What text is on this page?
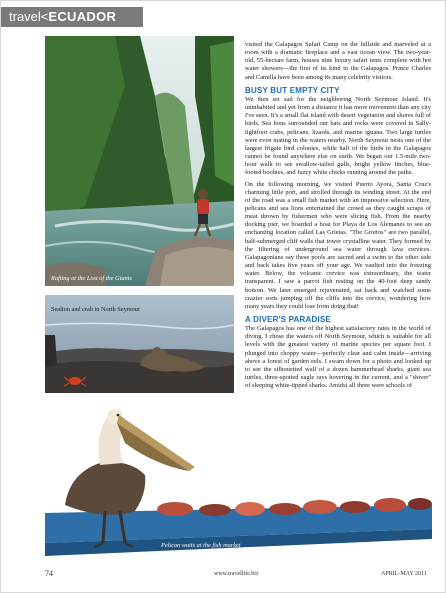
travel<ECUADOR
Rafting at the Lost of the Giants
Sealion and crab in North Seymour
Pelican waits at the fish market

visited the Galapagos Safari Camp on the hillside and marveled at a room with a dramatic fireplace and a vast ocean view. The two-year-old, 55-hectare farm, houses nine luxury safari tents complete with hot water showers—the first of its kind in the Galapagos. Prince Charles and Camilla have been among its many celebrity visitors.

BUSY BUT EMPTY CITY

We then set sail for the neighboring North Seymour Island. It's uninhabited and yet from a distance it has more movement than any city I've seen. It's a small flat island with desert vegetation and shores full of birds. Sea lions surrounded our bats and rocks were covered in Sally-lightfoot crabs, pelicans, lizards, and marine iguana. Two large turtles were even mating in the waters nearby. North Seymour nests one of the largest frigate bird colonies, while half of the birds in the Galapagos cannot be found anywhere else on earth. We began our 1.5-mile two-hour walk to see swallow-tailed gulls, bright yellow finches, blue-footed boobies, and fuzzy white chicks running around the paths.

On the following morning, we visited Puerto Ayora, Santa Cruz's charming little port, and strolled through its winding street. At the end of the road was a small fish market with an impressive selection. Here, pelicans and sea lions entertained the crowd as they caught scraps of meat thrown by fishermen who were slicing fish. From the nearby docking pier, we boarded a boat for Playa de Los Alemanes to see an enchanting location called Las Grietas. "The Grottos" are two parallel, half-submerged cliff walls that tower crystalline water. They formed by the filtering of underground sea water through lava crevices. Galapagonians say these pools are sacred and a swim to the other side and back takes five years off your age. We vaulted into the freezing water. Below, the volcanic crevice was extraordinary, the water transparent. I saw a parrot fish resting on the 40-foot deep sandy bottom. We later emerged rejuvenated, sat back and watched some crazier sorts jumping off the cliffs into the crevice, wondering how many years they could lose from doing that!

A DIVER'S PARADISE

The Galapagos has one of the highest satisfactory rates in the world of diving. I chose the waters off North Seymour, which is suitable for all levels with the greatest variety of marine species per square foot. I plunged into choppy water—perfectly clear and calm inside—arriving above a forest of garden eels. I swam down for a photo and looked up to see the silhouetted wall of a dozen hammerhead sharks, giant sea turtles, three-spotted eagle rays hovering in the current, and a "shiver" of sleeping white-tipped sharks. Amidst all three were schools of

74	www.travellife.biz	APRIL-MAY 2011
